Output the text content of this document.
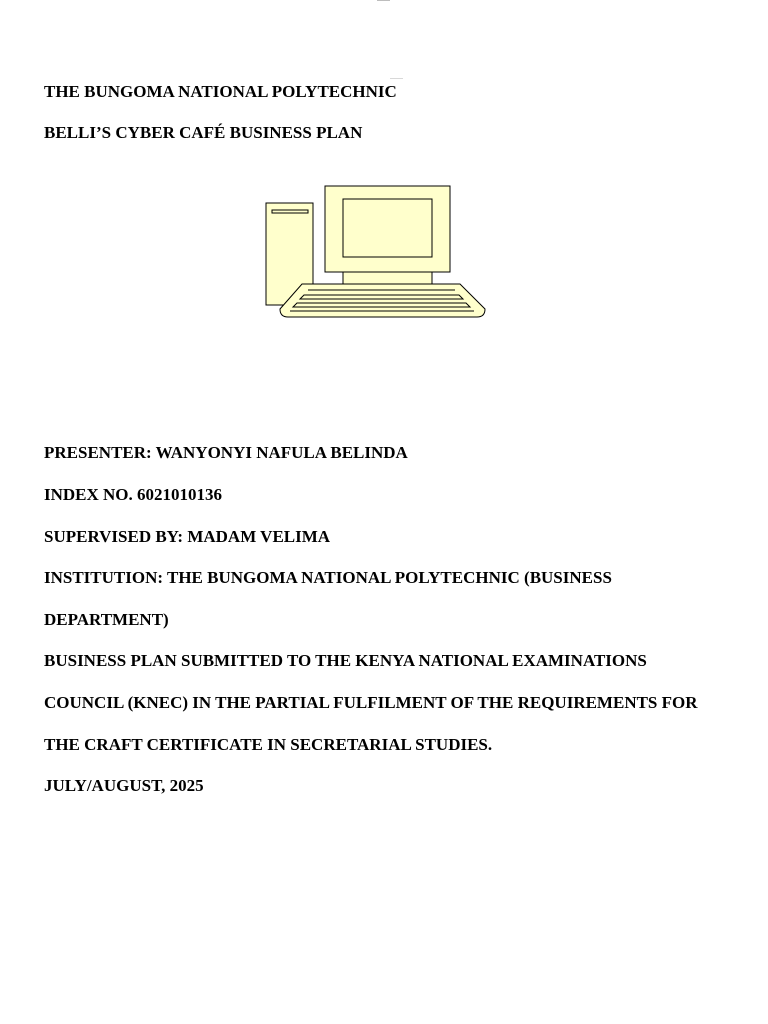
THE BUNGOMA NATIONAL POLYTECHNIC

BELLI’S CYBER CAFÉ BUSINESS PLAN

PRESENTER: WANYONYI NAFULA BELINDA

INDEX NO. 6021010136

SUPERVISED BY: MADAM VELIMA

INSTITUTION: THE BUNGOMA NATIONAL POLYTECHNIC (BUSINESS

DEPARTMENT)

BUSINESS PLAN SUBMITTED TO THE KENYA NATIONAL EXAMINATIONS

COUNCIL (KNEC) IN THE PARTIAL FULFILMENT OF THE REQUIREMENTS FOR

THE CRAFT CERTIFICATE IN SECRETARIAL STUDIES.

JULY/AUGUST, 2025
